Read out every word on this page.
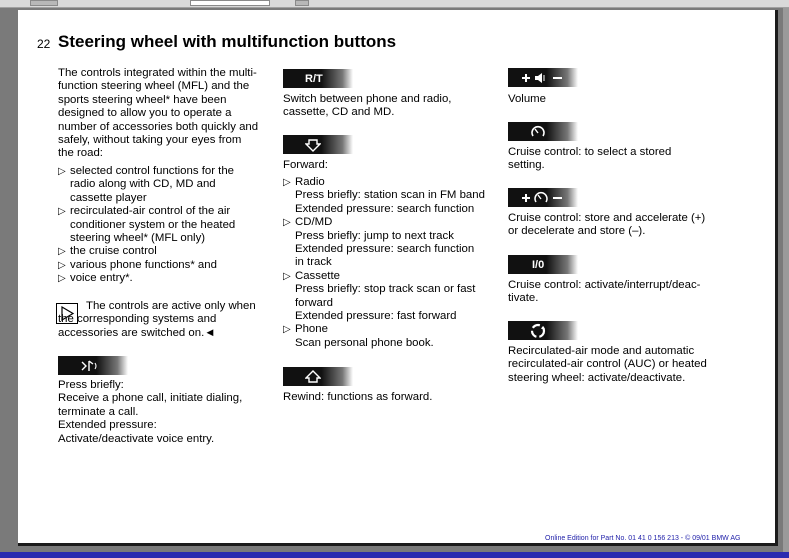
22 Steering wheel with multifunction buttons
The controls integrated within the multi-
function steering wheel (MFL) and the
sports steering wheel* have been
designed to allow you to operate a
number of accessories both quickly and
safely, without taking your eyes from
the road:
▷ selected control functions for the
radio along with CD, MD and
cassette player
▷ recirculated-air control of the air
conditioner system or the heated
steering wheel* (MFL only)
▷ the cruise control
▷ various phone functions* and
▷ voice entry*.
The controls are active only when
the corresponding systems and
accessories are switched on.◄
Press briefly:
Receive a phone call, initiate dialing,
terminate a call.
Extended pressure:
Activate/deactivate voice entry.
R/T
Switch between phone and radio,
cassette, CD and MD.
Forward:
▷ Radio
Press briefly: station scan in FM band
Extended pressure: search function
▷ CD/MD
Press briefly: jump to next track
Extended pressure: search function
in track
▷ Cassette
Press briefly: stop track scan or fast
forward
Extended pressure: fast forward
▷ Phone
Scan personal phone book.
Rewind: functions as forward.
Volume
Cruise control: to select a stored
setting.
Cruise control: store and accelerate (+)
or decelerate and store (–).
I/0
Cruise control: activate/interrupt/deac-
tivate.
Recirculated-air mode and automatic
recirculated-air control (AUC) or heated
steering wheel: activate/deactivate.
Online Edition for Part No. 01 41 0 156 213 - © 09/01 BMW AG
